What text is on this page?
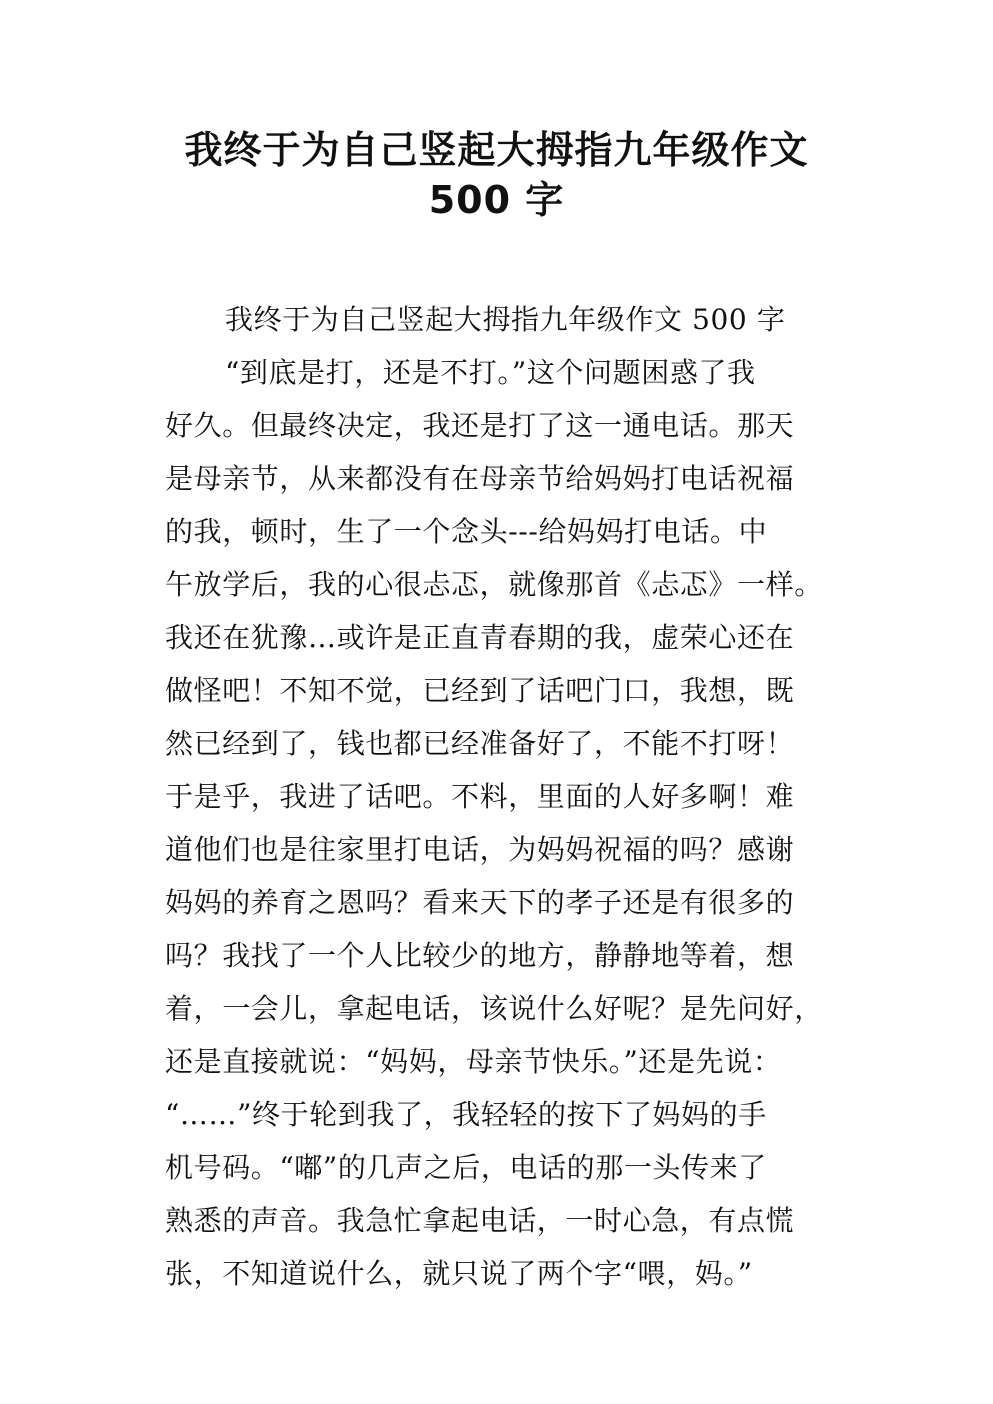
我终于为自己竖起大拇指九年级作文
500 字
我终于为自己竖起大拇指九年级作文 500 字
“到底是打，还是不打。”这个问题困惑了我
好久。但最终决定，我还是打了这一通电话。那天
是母亲节，从来都没有在母亲节给妈妈打电话祝福
的我，顿时，生了一个念头---给妈妈打电话。中
午放学后，我的心很忐忑，就像那首《忐忑》一样。
我还在犹豫…或许是正直青春期的我，虚荣心还在
做怪吧！不知不觉，已经到了话吧门口，我想，既
然已经到了，钱也都已经准备好了，不能不打呀！
于是乎，我进了话吧。不料，里面的人好多啊！难
道他们也是往家里打电话，为妈妈祝福的吗？感谢
妈妈的养育之恩吗？看来天下的孝子还是有很多的
吗？我找了一个人比较少的地方，静静地等着，想
着，一会儿，拿起电话，该说什么好呢？是先问好，
还是直接就说：“妈妈，母亲节快乐。”还是先说：
“……”终于轮到我了，我轻轻的按下了妈妈的手
机号码。“嘟”的几声之后，电话的那一头传来了
熟悉的声音。我急忙拿起电话，一时心急，有点慌
张，不知道说什么，就只说了两个字“喂，妈。”
